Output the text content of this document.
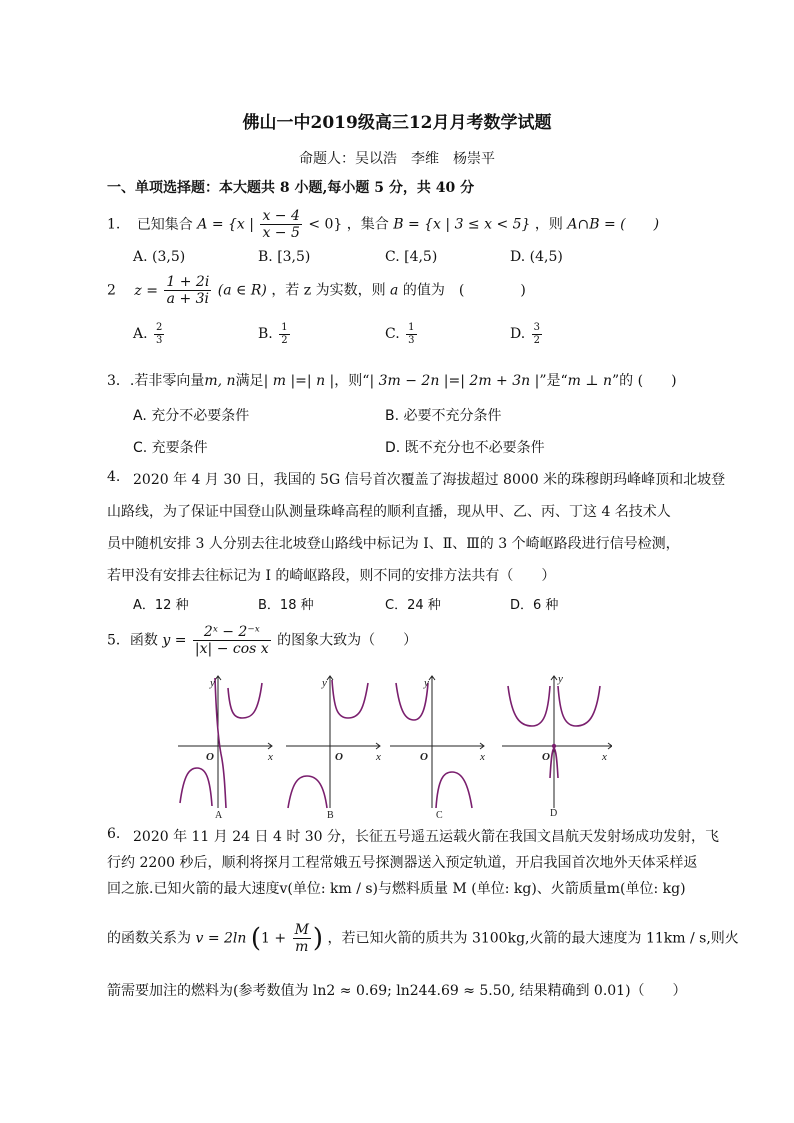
佛山一中2019级高三12月月考数学试题
命题人：吴以浩　李维　杨崇平
一、单项选择题：本大题共 8 小题,每小题 5 分，共 40 分
1. 已知集合 A = {x | $\frac{x - 4}{x - 5} < 0$} ，集合 B = {x | 3 ≤ x < 5} ，则 A∩B = (　　)
A. (3,5)	B. [3,5)	C. [4,5)	D. (4,5)
2 $z = \frac{1 + 2i}{a + 3i} (a$ ∈ R) ，若 z 为实数，则 a 的值为　(　　　　)
A. $\frac{2}{3}$	B. $\frac{1}{2}$	C. $\frac{1}{3}$	D. $\frac{3}{2}$
3．.若非零向量m, n满足| m |=| n |，则“| 3m − 2n |=| 2m + 3n |”是“m ⊥ n”的 (　　)
A. 充分不必要条件	B. 必要不充分条件
C. 充要条件	D. 既不充分也不必要条件
4. 2020 年 4 月 30 日，我国的 5G 信号首次覆盖了海拔超过 8000 米的珠穆朗玛峰峰顶和北坡登
山路线，为了保证中国登山队测量珠峰高程的顺利直播，现从甲、乙、丙、丁这 4 名技术人
员中随机安排 3 人分别去往北坡登山路线中标记为 Ⅰ、Ⅱ、Ⅲ的 3 个崎岖路段进行信号检测，
若甲没有安排去往标记为 Ⅰ 的崎岖路段，则不同的安排方法共有（　　）
A．12 种	B．18 种	C．24 种	D．6 种
5．函数 $y = \frac{\text{2ˣ − 2⁻ˣ}}{\text{|x| − cos x}}$ 的图象大致为（　　）
y
x
O
A
y
x
O
B
y
x
O
C
y
x
O
D
6. 2020 年 11 月 24 日 4 时 30 分，长征五号遥五运载火箭在我国文昌航天发射场成功发射，飞
行约 2200 秒后，顺利将探月工程常娥五号探测器送入预定轨道，开启我国首次地外天体采样返
回之旅.已知火箭的最大速度v(单位: km / s)与燃料质量 M (单位: kg)、火箭质量m(单位: kg)
的函数关系为 v = 2ln ($1 + \frac{M}{m}$ ) ，若已知火箭的质共为 3100kg,火箭的最大速度为 11km / s,则火
箭需要加注的燃料为(参考数值为 ln2 ≈ 0.69; ln244.69 ≈ 5.50, 结果精确到 0.01)（　　）
